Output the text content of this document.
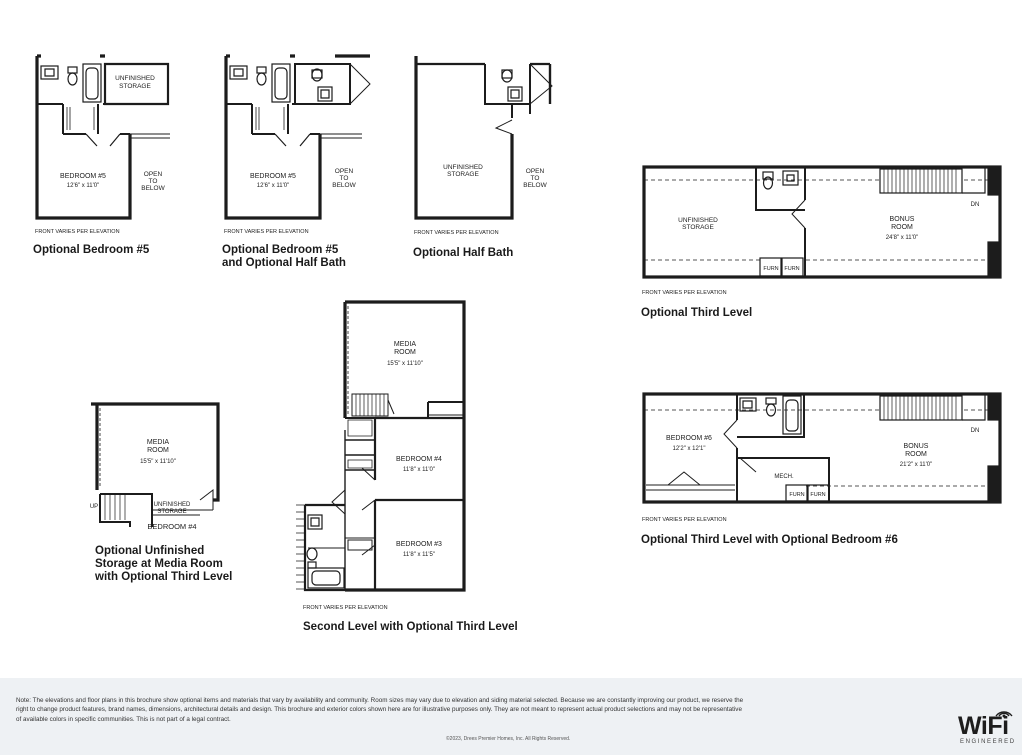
UNFINISHED
STORAGE
BEDROOM #5
12'6" x 11'0"
OPEN
TO
BELOW
FRONT VARIES PER ELEVATION
BEDROOM #5
12'6" x 11'0"
OPEN
TO
BELOW
FRONT VARIES PER ELEVATION
UNFINISHED
STORAGE	OPEN
TO
BELOW
FRONT VARIES PER ELEVATION
UNFINISHED
STORAGE
BONUS
ROOM
24'8" x 11'0"
DN
FURN FURN
FRONT VARIES PER ELEVATION
MEDIA
ROOM
15'5" x 11'10"
UNFINISHED
STORAGE
UP
BEDROOM #4
MEDIA
ROOM
15'5" x 11'10"
BEDROOM #4
11'8" x 11'0"
BEDROOM #3
11'8" x 11'5"
FRONT VARIES PER ELEVATION
BEDROOM #6
12'2" x 12'1"	BONUS
ROOM
21'2" x 11'0"
MECH.
DN
FURN FURN
FRONT VARIES PER ELEVATION
Optional Bedroom #5	Optional Bedroom #5
and Optional Half Bath
Optional Half Bath
Optional Third Level
Optional Unfinished
Storage at Media Room
with Optional Third Level
Second Level with Optional Third Level
Optional Third Level with Optional Bedroom #6
Note: The elevations and floor plans in this brochure show optional items and materials that vary by availability and community. Room sizes may vary due to elevation and siding material selected. Because we are constantly improving our product, we reserve the right to change product features, brand names, dimensions, architectural details and design. This brochure and exterior colors shown here are for illustrative purposes only. They are not meant to represent actual product selections and may not be representative of available colors in specific communities. This is not part of a legal contract.
©2023, Drees Premier Homes, Inc. All Rights Reserved.	WiFi
ENGINEERED
